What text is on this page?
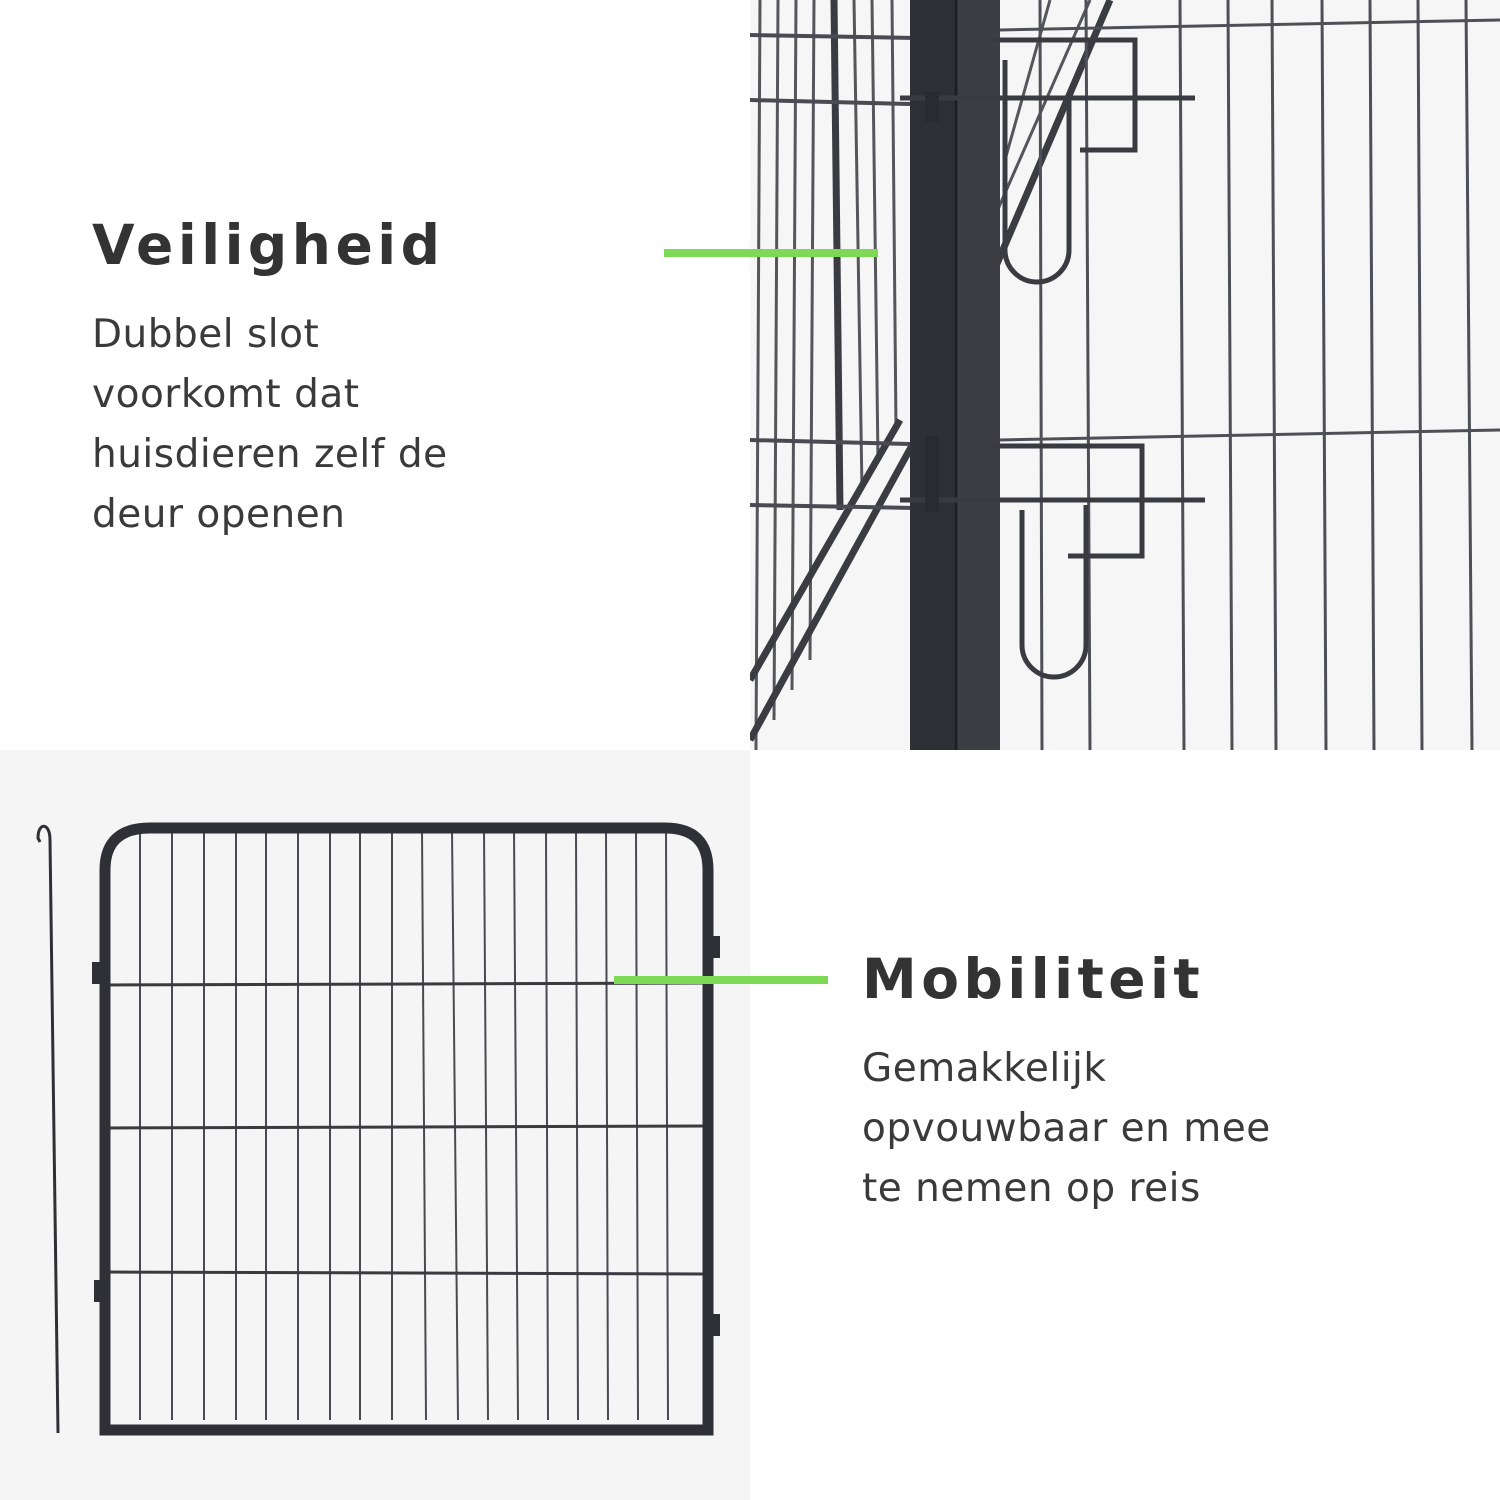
Veiligheid

Dubbel slot
voorkomt dat
huisdieren zelf de
deur openen

Mobiliteit

Gemakkelijk
opvouwbaar en mee
te nemen op reis
